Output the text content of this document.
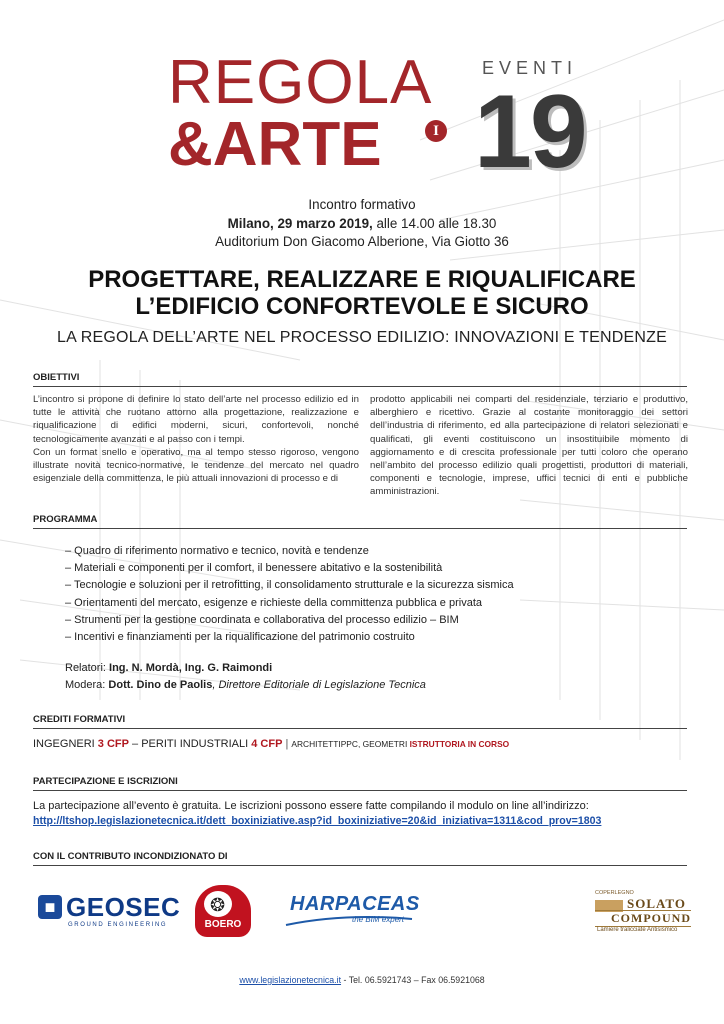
REGOLA
&ARTE	I
EVENTI
19
Incontro formativo
Milano, 29 marzo 2019, alle 14.00 alle 18.30
Auditorium Don Giacomo Alberione, Via Giotto 36
PROGETTARE, REALIZZARE E RIQUALIFICARE
L’EDIFICIO CONFORTEVOLE E SICURO
LA REGOLA DELL’ARTE NEL PROCESSO EDILIZIO: INNOVAZIONI E TENDENZE
OBIETTIVI

L’incontro si propone di definire lo stato dell’arte nel processo edilizio ed in tutte le attività che ruotano attorno alla progettazione, realizzazione e riqualificazione di edifici moderni, sicuri, confortevoli, nonché tecnologicamente avanzati e al passo con i tempi.

Con un format snello e operativo, ma al tempo stesso rigoroso, vengono illustrate novità tecnico-normative, le tendenze del mercato nel quadro esigenziale della committenza, le più attuali innovazioni di processo e di

prodotto applicabili nei comparti del residenziale, terziario e produttivo, alberghiero e ricettivo. Grazie al costante monitoraggio dei settori dell’industria di riferimento, ed alla partecipazione di relatori selezionati e qualificati, gli eventi costituiscono un insostituibile momento di aggiornamento e di crescita professionale per tutti coloro che operano nell’ambito del processo edilizio quali progettisti, produttori di materiali, componenti e tecnologie, imprese, uffici tecnici di enti e pubbliche amministrazioni.

PROGRAMMA
– Quadro di riferimento normativo e tecnico, novità e tendenze
– Materiali e componenti per il comfort, il benessere abitativo e la sostenibilità
– Tecnologie e soluzioni per il retrofitting, il consolidamento strutturale e la sicurezza sismica
– Orientamenti del mercato, esigenze e richieste della committenza pubblica e privata
– Strumenti per la gestione coordinata e collaborativa del processo edilizio – BIM
– Incentivi e finanziamenti per la riqualificazione del patrimonio costruito
Relatori: Ing. N. Mordà, Ing. G. Raimondi
Modera: Dott. Dino de Paolis, Direttore Editoriale di Legislazione Tecnica
CREDITI FORMATIVI
INGEGNERI 3 CFP – PERITI INDUSTRIALI 4 CFP | ARCHITETTIPPC, GEOMETRI ISTRUTTORIA IN CORSO
PARTECIPAZIONE E ISCRIZIONI
La partecipazione all’evento è gratuita. Le iscrizioni possono essere fatte compilando il modulo on line all’indirizzo:
http://ltshop.legislazionetecnica.it/dett_boxiniziative.asp?id_boxiniziative=20&id_iniziativa=1311&cod_prov=1803
CON IL CONTRIBUTO INCONDIZIONATO DI
■ GEOSEC
GROUND ENGINEERING
❂
BOERO
HARPACEAS
the BIM expert
COPERLEGNO
SOLATO
COMPOUND
Lamiere tralicciate Antisismico
www.legislazionetecnica.it - Tel. 06.5921743 – Fax 06.5921068
